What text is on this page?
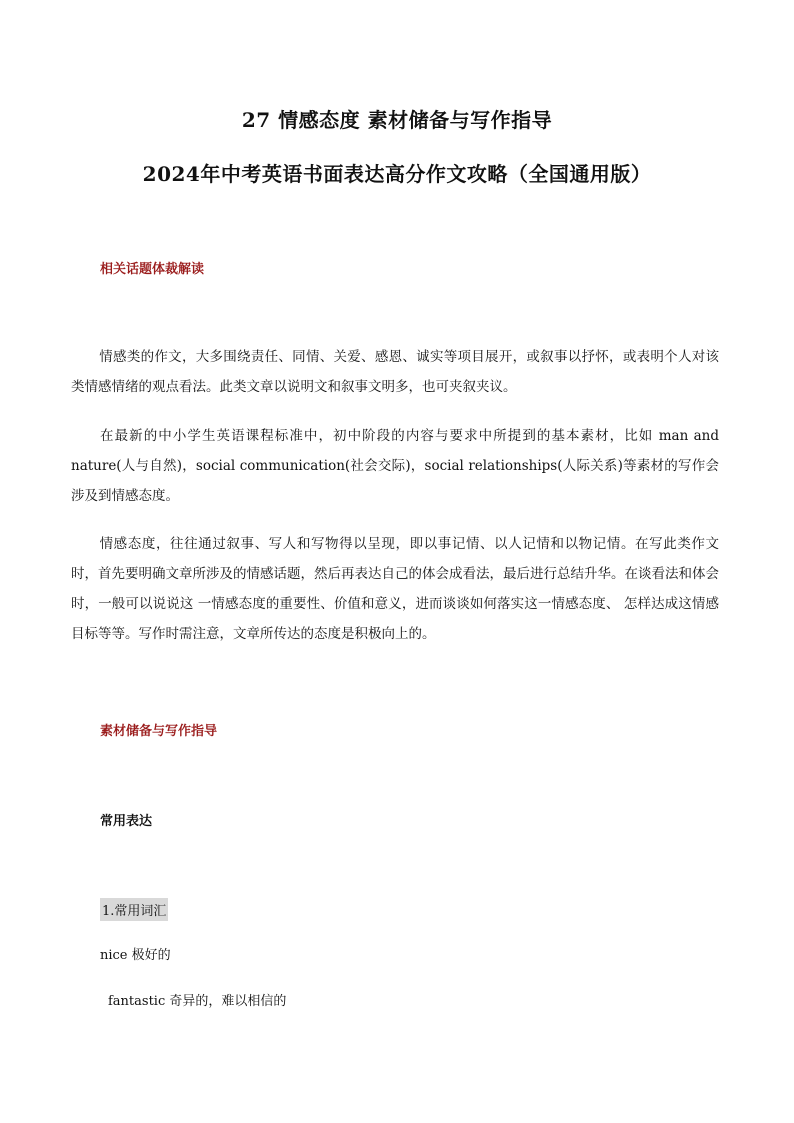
27 情感态度 素材储备与写作指导
2024年中考英语书面表达高分作文攻略（全国通用版）
相关话题体裁解读
情感类的作文，大多围绕责任、同情、关爱、感恩、诚实等项目展开，或叙事以抒怀，或表明个人对该类情感情绪的观点看法。此类文章以说明文和叙事文明多，也可夹叙夹议。
在最新的中小学生英语课程标准中，初中阶段的内容与要求中所提到的基本素材，比如 man and nature(人与自然)，social communication(社会交际)，social relationships(人际关系)等素材的写作会涉及到情感态度。
情感态度，往往通过叙事、写人和写物得以呈现，即以事记情、以人记情和以物记情。在写此类作文时，首先要明确文章所涉及的情感话题，然后再表达自己的体会成看法，最后进行总结升华。在谈看法和体会时，一般可以说说这 一情感态度的重要性、价值和意义，进而谈谈如何落实这一情感态度、 怎样达成这情感目标等等。写作时需注意，文章所传达的态度是积极向上的。
素材储备与写作指导
常用表达
1.常用词汇
nice 极好的
fantastic 奇异的，难以相信的
